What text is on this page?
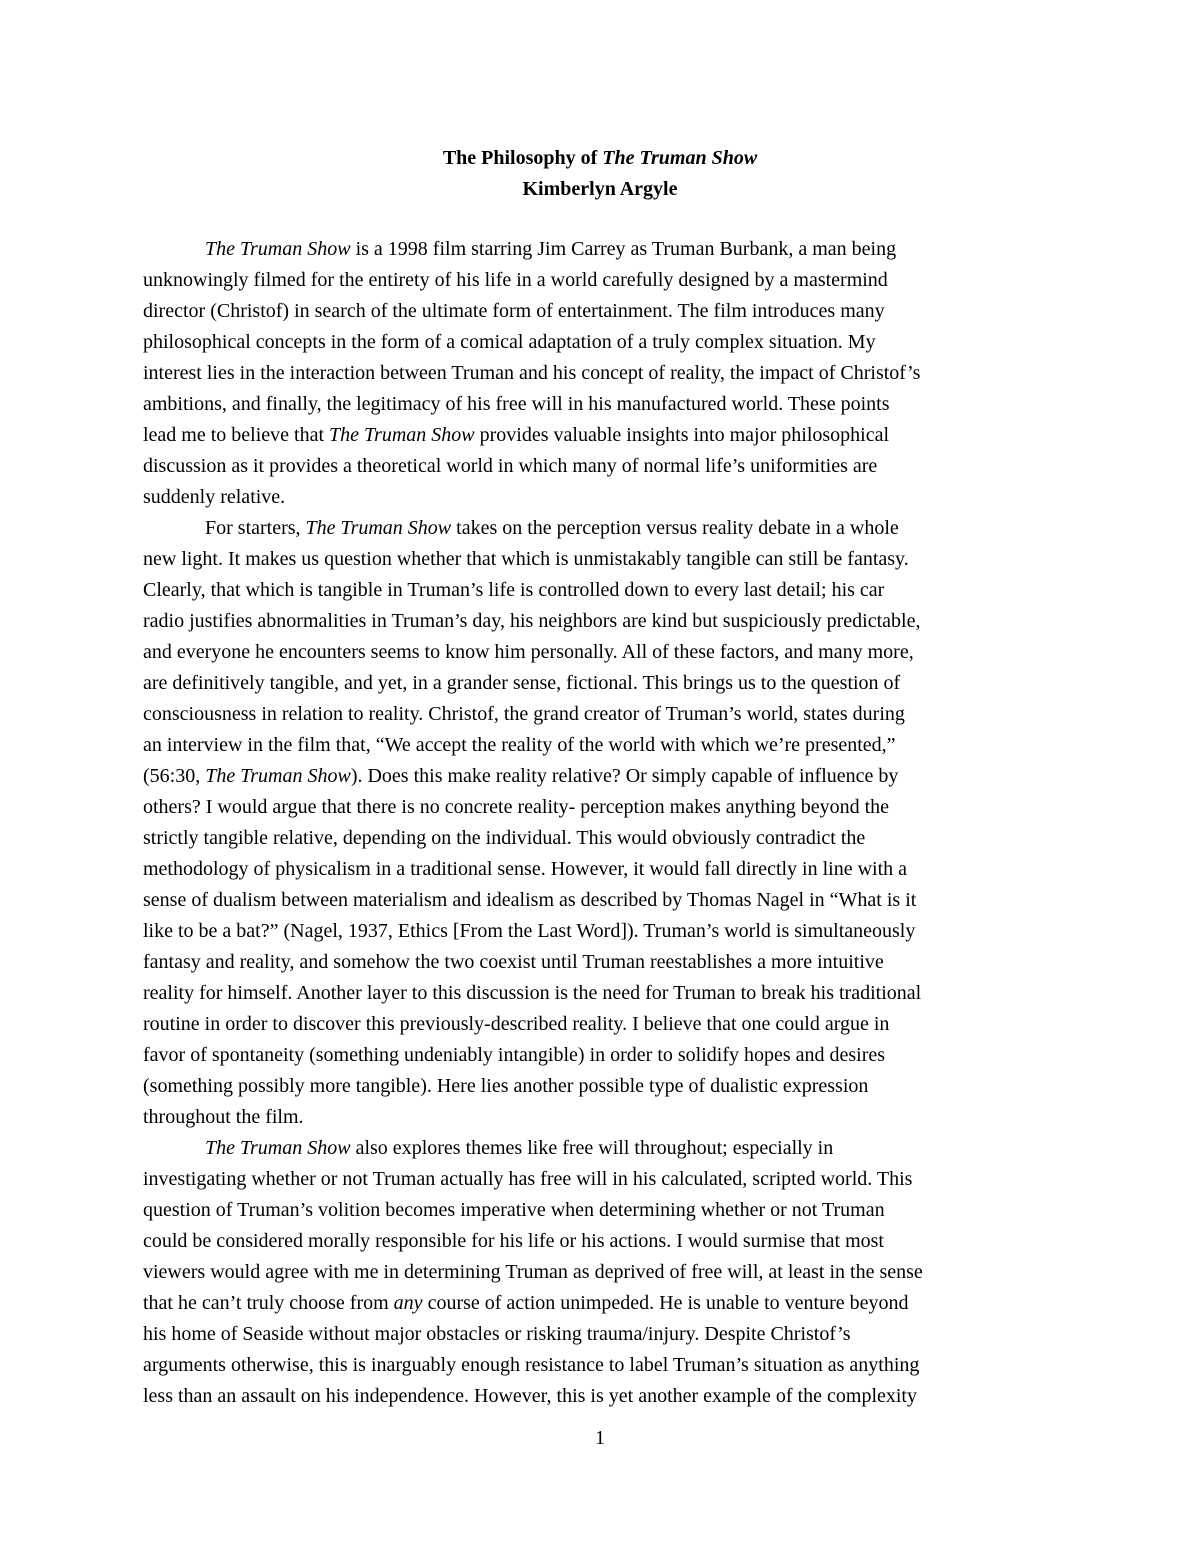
The Philosophy of The Truman Show
Kimberlyn Argyle

The Truman Show is a 1998 film starring Jim Carrey as Truman Burbank, a man being
unknowingly filmed for the entirety of his life in a world carefully designed by a mastermind
director (Christof) in search of the ultimate form of entertainment. The film introduces many
philosophical concepts in the form of a comical adaptation of a truly complex situation. My
interest lies in the interaction between Truman and his concept of reality, the impact of Christof’s
ambitions, and finally, the legitimacy of his free will in his manufactured world. These points
lead me to believe that The Truman Show provides valuable insights into major philosophical
discussion as it provides a theoretical world in which many of normal life’s uniformities are
suddenly relative.

For starters, The Truman Show takes on the perception versus reality debate in a whole
new light. It makes us question whether that which is unmistakably tangible can still be fantasy.
Clearly, that which is tangible in Truman’s life is controlled down to every last detail; his car
radio justifies abnormalities in Truman’s day, his neighbors are kind but suspiciously predictable,
and everyone he encounters seems to know him personally. All of these factors, and many more,
are definitively tangible, and yet, in a grander sense, fictional. This brings us to the question of
consciousness in relation to reality. Christof, the grand creator of Truman’s world, states during
an interview in the film that, “We accept the reality of the world with which we’re presented,”
(56:30, The Truman Show). Does this make reality relative? Or simply capable of influence by
others? I would argue that there is no concrete reality- perception makes anything beyond the
strictly tangible relative, depending on the individual. This would obviously contradict the
methodology of physicalism in a traditional sense. However, it would fall directly in line with a
sense of dualism between materialism and idealism as described by Thomas Nagel in “What is it
like to be a bat?” (Nagel, 1937, Ethics [From the Last Word]). Truman’s world is simultaneously
fantasy and reality, and somehow the two coexist until Truman reestablishes a more intuitive
reality for himself. Another layer to this discussion is the need for Truman to break his traditional
routine in order to discover this previously-described reality. I believe that one could argue in
favor of spontaneity (something undeniably intangible) in order to solidify hopes and desires
(something possibly more tangible). Here lies another possible type of dualistic expression
throughout the film.

The Truman Show also explores themes like free will throughout; especially in
investigating whether or not Truman actually has free will in his calculated, scripted world. This
question of Truman’s volition becomes imperative when determining whether or not Truman
could be considered morally responsible for his life or his actions. I would surmise that most
viewers would agree with me in determining Truman as deprived of free will, at least in the sense
that he can’t truly choose from any course of action unimpeded. He is unable to venture beyond
his home of Seaside without major obstacles or risking trauma/injury. Despite Christof’s
arguments otherwise, this is inarguably enough resistance to label Truman’s situation as anything
less than an assault on his independence. However, this is yet another example of the complexity

1
